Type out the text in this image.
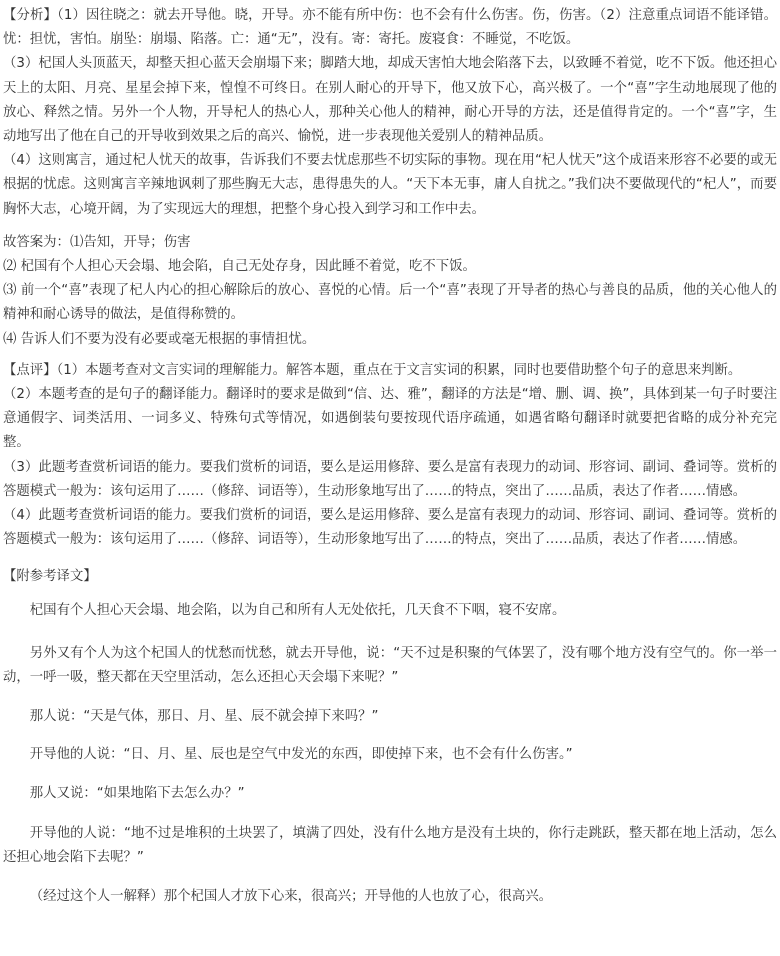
【分析】（1）因往晓之：就去开导他。晓，开导。亦不能有所中伤：也不会有什么伤害。伤，伤害。（2）注意重点词语不能译错。忧：担忧，害怕。崩坠：崩塌、陷落。亡：通“无”，没有。寄：寄托。废寝食：不睡觉，不吃饭。

（3）杞国人头顶蓝天，却整天担心蓝天会崩塌下来；脚踏大地，却成天害怕大地会陷落下去，以致睡不着觉，吃不下饭。他还担心天上的太阳、月亮、星星会掉下来，惶惶不可终日。在别人耐心的开导下，他又放下心，高兴极了。一个“喜”字生动地展现了他的放心、释然之情。另外一个人物，开导杞人的热心人，那种关心他人的精神，耐心开导的方法，还是值得肯定的。一个“喜”字，生动地写出了他在自己的开导收到效果之后的高兴、愉悦，进一步表现他关爱别人的精神品质。

（4）这则寓言，通过杞人忧天的故事，告诉我们不要去忧虑那些不切实际的事物。现在用“杞人忧天”这个成语来形容不必要的或无根据的忧虑。这则寓言辛辣地讽刺了那些胸无大志，患得患失的人。“天下本无事，庸人自扰之。”我们决不要做现代的“杞人”，而要胸怀大志，心境开阔，为了实现远大的理想，把整个身心投入到学习和工作中去。

故答案为：⑴告知，开导；伤害

⑵ 杞国有个人担心天会塌、地会陷，自己无处存身，因此睡不着觉，吃不下饭。

⑶ 前一个“喜”表现了杞人内心的担心解除后的放心、喜悦的心情。后一个“喜”表现了开导者的热心与善良的品质，他的关心他人的精神和耐心诱导的做法，是值得称赞的。

⑷ 告诉人们不要为没有必要或毫无根据的事情担忧。

【点评】（1）本题考查对文言实词的理解能力。解答本题，重点在于文言实词的积累，同时也要借助整个句子的意思来判断。

（2）本题考查的是句子的翻译能力。翻译时的要求是做到“信、达、雅”，翻译的方法是“增、删、调、换”，具体到某一句子时要注意通假字、词类活用、一词多义、特殊句式等情况，如遇倒装句要按现代语序疏通，如遇省略句翻译时就要把省略的成分补充完整。

（3）此题考查赏析词语的能力。要我们赏析的词语，要么是运用修辞、要么是富有表现力的动词、形容词、副词、叠词等。赏析的答题模式一般为：该句运用了……（修辞、词语等），生动形象地写出了……的特点，突出了……品质，表达了作者……情感。

（4）此题考查赏析词语的能力。要我们赏析的词语，要么是运用修辞、要么是富有表现力的动词、形容词、副词、叠词等。赏析的答题模式一般为：该句运用了……（修辞、词语等），生动形象地写出了……的特点，突出了……品质，表达了作者……情感。

【附参考译文】

杞国有个人担心天会塌、地会陷，以为自己和所有人无处依托，几天食不下咽，寝不安席。

另外又有个人为这个杞国人的忧愁而忧愁，就去开导他，说：“天不过是积聚的气体罢了，没有哪个地方没有空气的。你一举一动，一呼一吸，整天都在天空里活动，怎么还担心天会塌下来呢？”

那人说：“天是气体，那日、月、星、辰不就会掉下来吗？”

开导他的人说：“日、月、星、辰也是空气中发光的东西，即使掉下来，也不会有什么伤害。”

那人又说：“如果地陷下去怎么办？”

开导他的人说：“地不过是堆积的土块罢了，填满了四处，没有什么地方是没有土块的，你行走跳跃，整天都在地上活动，怎么还担心地会陷下去呢？”

（经过这个人一解释）那个杞国人才放下心来，很高兴；开导他的人也放了心，很高兴。
